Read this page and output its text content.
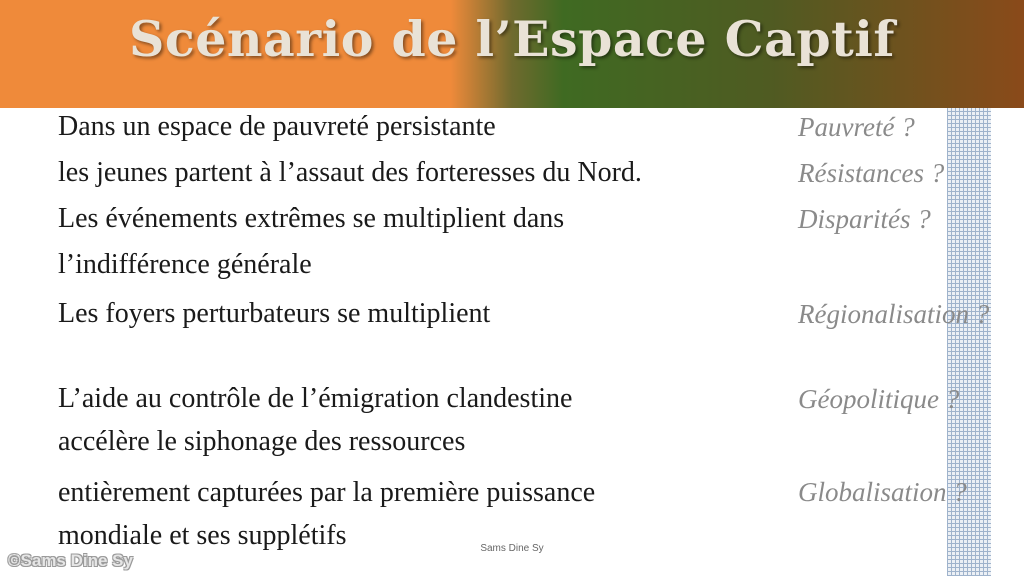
Scénario de l’Espace Captif
Dans un espace de pauvreté persistante
les jeunes partent à l’assaut des forteresses du Nord.
Les événements extrêmes se multiplient dans
l’indifférence générale
Les foyers perturbateurs se multiplient
L’aide au contrôle de l’émigration clandestine
accélère le siphonage des ressources
entièrement capturées par la première puissance
mondiale et ses supplétifs
Pauvreté ?
Résistances ?
Disparités ?
Régionalisation ?
Géopolitique ?
Globalisation ?
Sams Dine Sy
©Sams Dine Sy
